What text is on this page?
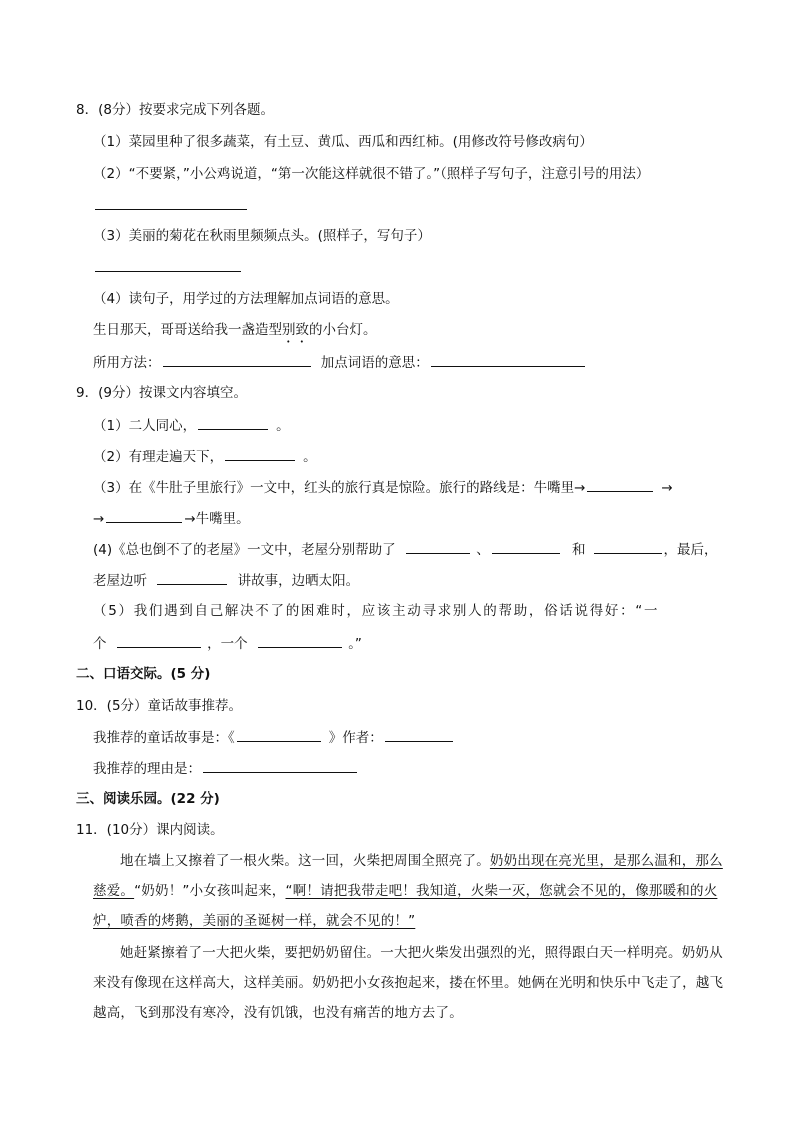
8．(8分）按要求完成下列各题。
（1）菜园里种了很多蔬菜，有土豆、黄瓜、西瓜和西红柿。(用修改符号修改病句）
（2）“不要紧，”小公鸡说道，“第一次能这样就很不错了。”（照样子写句子，注意引号的用法）
（3）美丽的菊花在秋雨里频频点头。(照样子，写句子）
（4）读句子，用学过的方法理解加点词语的意思。
生日那天，哥哥送给我一盏造型别致的小台灯。
所用方法：	加点词语的意思：
9．(9分）按课文内容填空。
（1）二人同心，	。
（2）有理走遍天下，	。
（3）在《牛肚子里旅行》一文中，红头的旅行真是惊险。旅行的路线是：牛嘴里→	→
→	→牛嘴里。
(4)《总也倒不了的老屋》一文中，老屋分别帮助了	、	和	，最后，
老屋边听	讲故事，边晒太阳。
（5）我们遇到自己解决不了的困难时，应该主动寻求别人的帮助，俗话说得好：“一
个	，一个	。”
二、口语交际。(5 分)
10．(5分）童话故事推荐。
我推荐的童话故事是：《	》作者：
我推荐的理由是：
三、阅读乐园。(22 分)
11．(10分）课内阅读。

地在墙上又擦着了一根火柴。这一回，火柴把周围全照亮了。奶奶出现在亮光里，是那么温和，那么慈爱。“奶奶！”小女孩叫起来，“啊！请把我带走吧！我知道，火柴一灭，您就会不见的，像那暖和的火炉，喷香的烤鹅，美丽的圣诞树一样，就会不见的！”

她赶紧擦着了一大把火柴，要把奶奶留住。一大把火柴发出强烈的光，照得跟白天一样明亮。奶奶从来没有像现在这样高大，这样美丽。奶奶把小女孩抱起来，搂在怀里。她俩在光明和快乐中飞走了，越飞越高，飞到那没有寒冷，没有饥饿，也没有痛苦的地方去了。
